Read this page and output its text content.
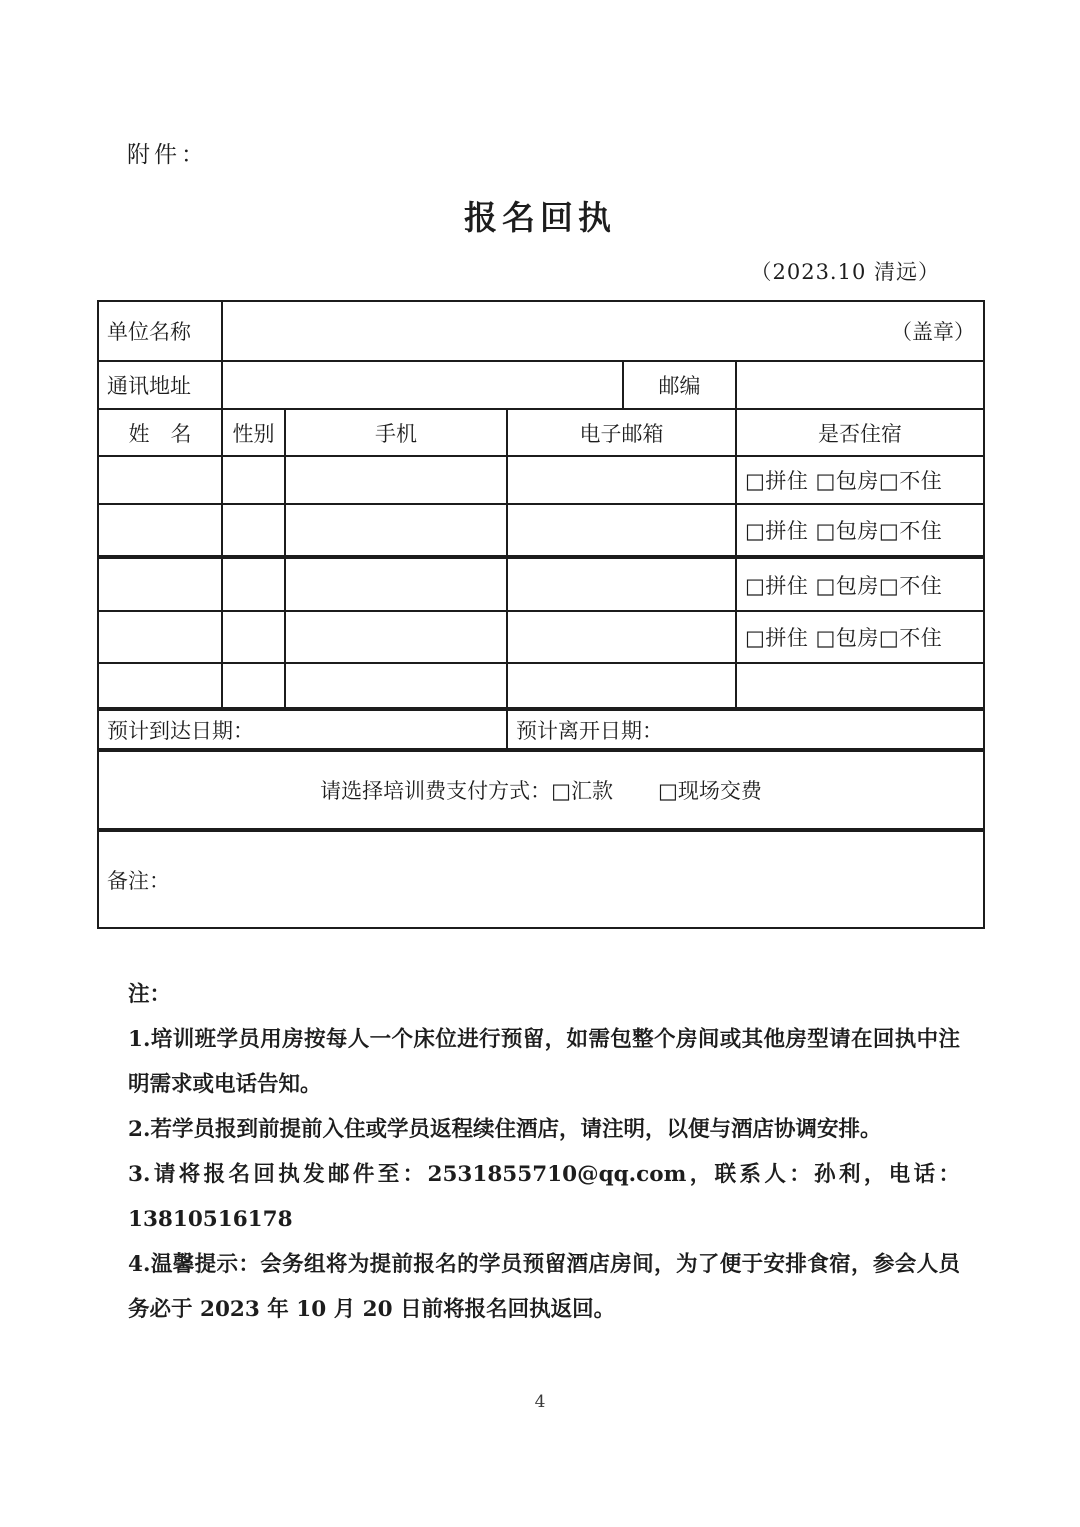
附件：
报名回执
（2023.10 清远）
单位名称	（盖章）				
通讯地址				邮编	
姓　名	性别	手机	电子邮箱		是否住宿
					□拼住 □包房□不住
					□拼住 □包房□不住
					□拼住 □包房□不住
					□拼住 □包房□不住

预计到达日期：			预计离开日期：		
请选择培训费支付方式：□汇款 □现场交费					
备注：					

注：

1.培训班学员用房按每人一个床位进行预留，如需包整个房间或其他房型请在回执中注明需求或电话告知。

2.若学员报到前提前入住或学员返程续住酒店，请注明，以便与酒店协调安排。

3.请将报名回执发邮件至：2531855710@qq.com，联系人：孙利，电话：13810516178

4.温馨提示：会务组将为提前报名的学员预留酒店房间，为了便于安排食宿，参会人员务必于 2023 年 10 月 20 日前将报名回执返回。

4
